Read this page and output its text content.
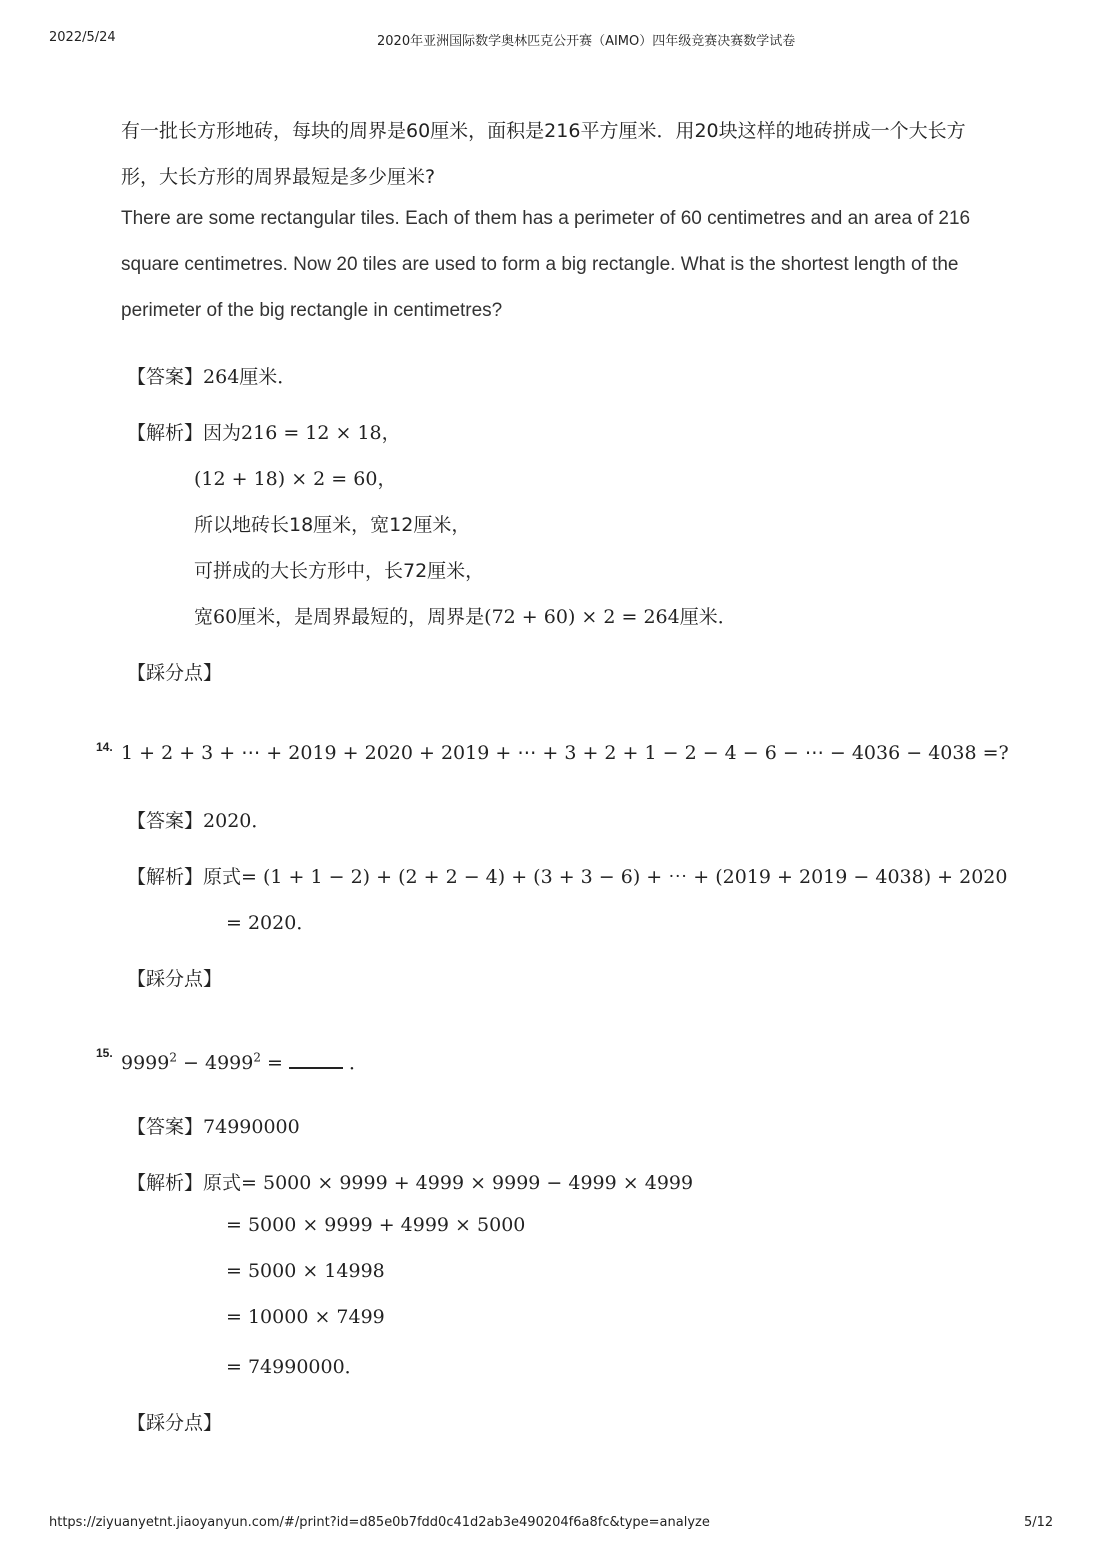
2022/5/24	2020年亚洲国际数学奥林匹克公开赛（AIMO）四年级竞赛决赛数学试卷
有一批长方形地砖，每块的周界是60厘米，面积是216平方厘米．用20块这样的地砖拼成一个大长方
形，大长方形的周界最短是多少厘米?
There are some rectangular tiles. Each of them has a perimeter of 60 centimetres and an area of 216
square centimetres. Now 20 tiles are used to form a big rectangle. What is the shortest length of the
perimeter of the big rectangle in centimetres?
【答案】264厘米．
【解析】因为216 = 12 × 18，
(12 + 18) × 2 = 60，
所以地砖长18厘米，宽12厘米，
可拼成的大长方形中，长72厘米，
宽60厘米，是周界最短的，周界是(72 + 60) × 2 = 264厘米．
【踩分点】
14. 1 + 2 + 3 + ⋯ + 2019 + 2020 + 2019 + ⋯ + 3 + 2 + 1 − 2 − 4 − 6 − ⋯ − 4036 − 4038 =?
【答案】2020．
【解析】原式= (1 + 1 − 2) + (2 + 2 − 4) + (3 + 3 − 6) + ⋯ + (2019 + 2019 − 4038) + 2020
= 2020．
【踩分点】
15. $9999^2 - 4999^2$ =	．
【答案】74990000
【解析】原式= 5000 × 9999 + 4999 × 9999 − 4999 × 4999
= 5000 × 9999 + 4999 × 5000
= 5000 × 14998
= 10000 × 7499
= 74990000．
【踩分点】
https://ziyuanyetnt.jiaoyanyun.com/#/print?id=d85e0b7fdd0c41d2ab3e490204f6a8fc&type=analyze	5/12
